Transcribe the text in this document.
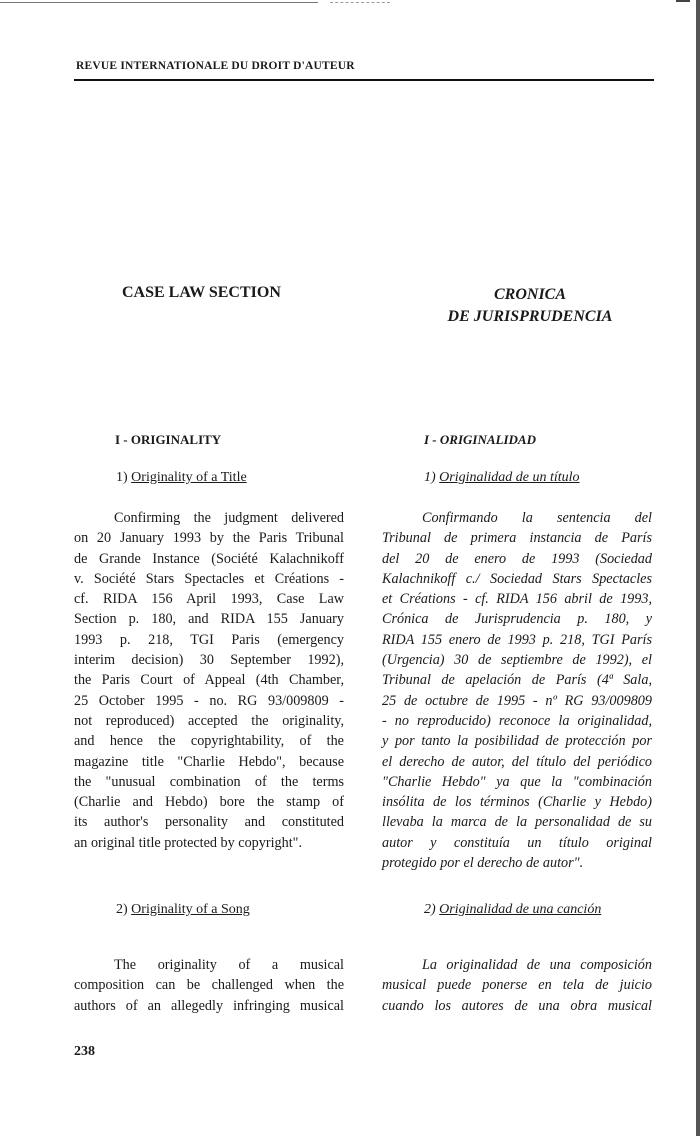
REVUE INTERNATIONALE DU DROIT D'AUTEUR
CASE LAW SECTION	CRONICA
DE JURISPRUDENCIA
I - ORIGINALITY	I - ORIGINALIDAD
1) Originality of a Title	1) Originalidad de un título
Confirming the judgment delivered
on 20 January 1993 by the Paris Tribunal
de Grande Instance (Société Kalachnikoff
v. Société Stars Spectacles et Créations -
cf. RIDA 156 April 1993, Case Law
Section p. 180, and RIDA 155 January
1993 p. 218, TGI Paris (emergency
interim decision) 30 September 1992),
the Paris Court of Appeal (4th Chamber,
25 October 1995 - no. RG 93/009809 -
not reproduced) accepted the originality,
and hence the copyrightability, of the
magazine title "Charlie Hebdo", because
the "unusual combination of the terms
(Charlie and Hebdo) bore the stamp of
its author's personality and constituted
an original title protected by copyright".
Confirmando la sentencia del
Tribunal de primera instancia de París
del 20 de enero de 1993 (Sociedad
Kalachnikoff c./ Sociedad Stars Spectacles
et Créations - cf. RIDA 156 abril de 1993,
Crónica de Jurisprudencia p. 180, y
RIDA 155 enero de 1993 p. 218, TGI París
(Urgencia) 30 de septiembre de 1992), el
Tribunal de apelación de París (4ª Sala,
25 de octubre de 1995 - nº RG 93/009809
- no reproducido) reconoce la originalidad,
y por tanto la posibilidad de protección por
el derecho de autor, del título del periódico
"Charlie Hebdo" ya que la "combinación
insólita de los términos (Charlie y Hebdo)
llevaba la marca de la personalidad de su
autor y constituía un título original
protegido por el derecho de autor".
2) Originality of a Song	2) Originalidad de una canción
The originality of a musical
composition can be challenged when the
authors of an allegedly infringing musical
La originalidad de una composición
musical puede ponerse en tela de juicio
cuando los autores de una obra musical
238
